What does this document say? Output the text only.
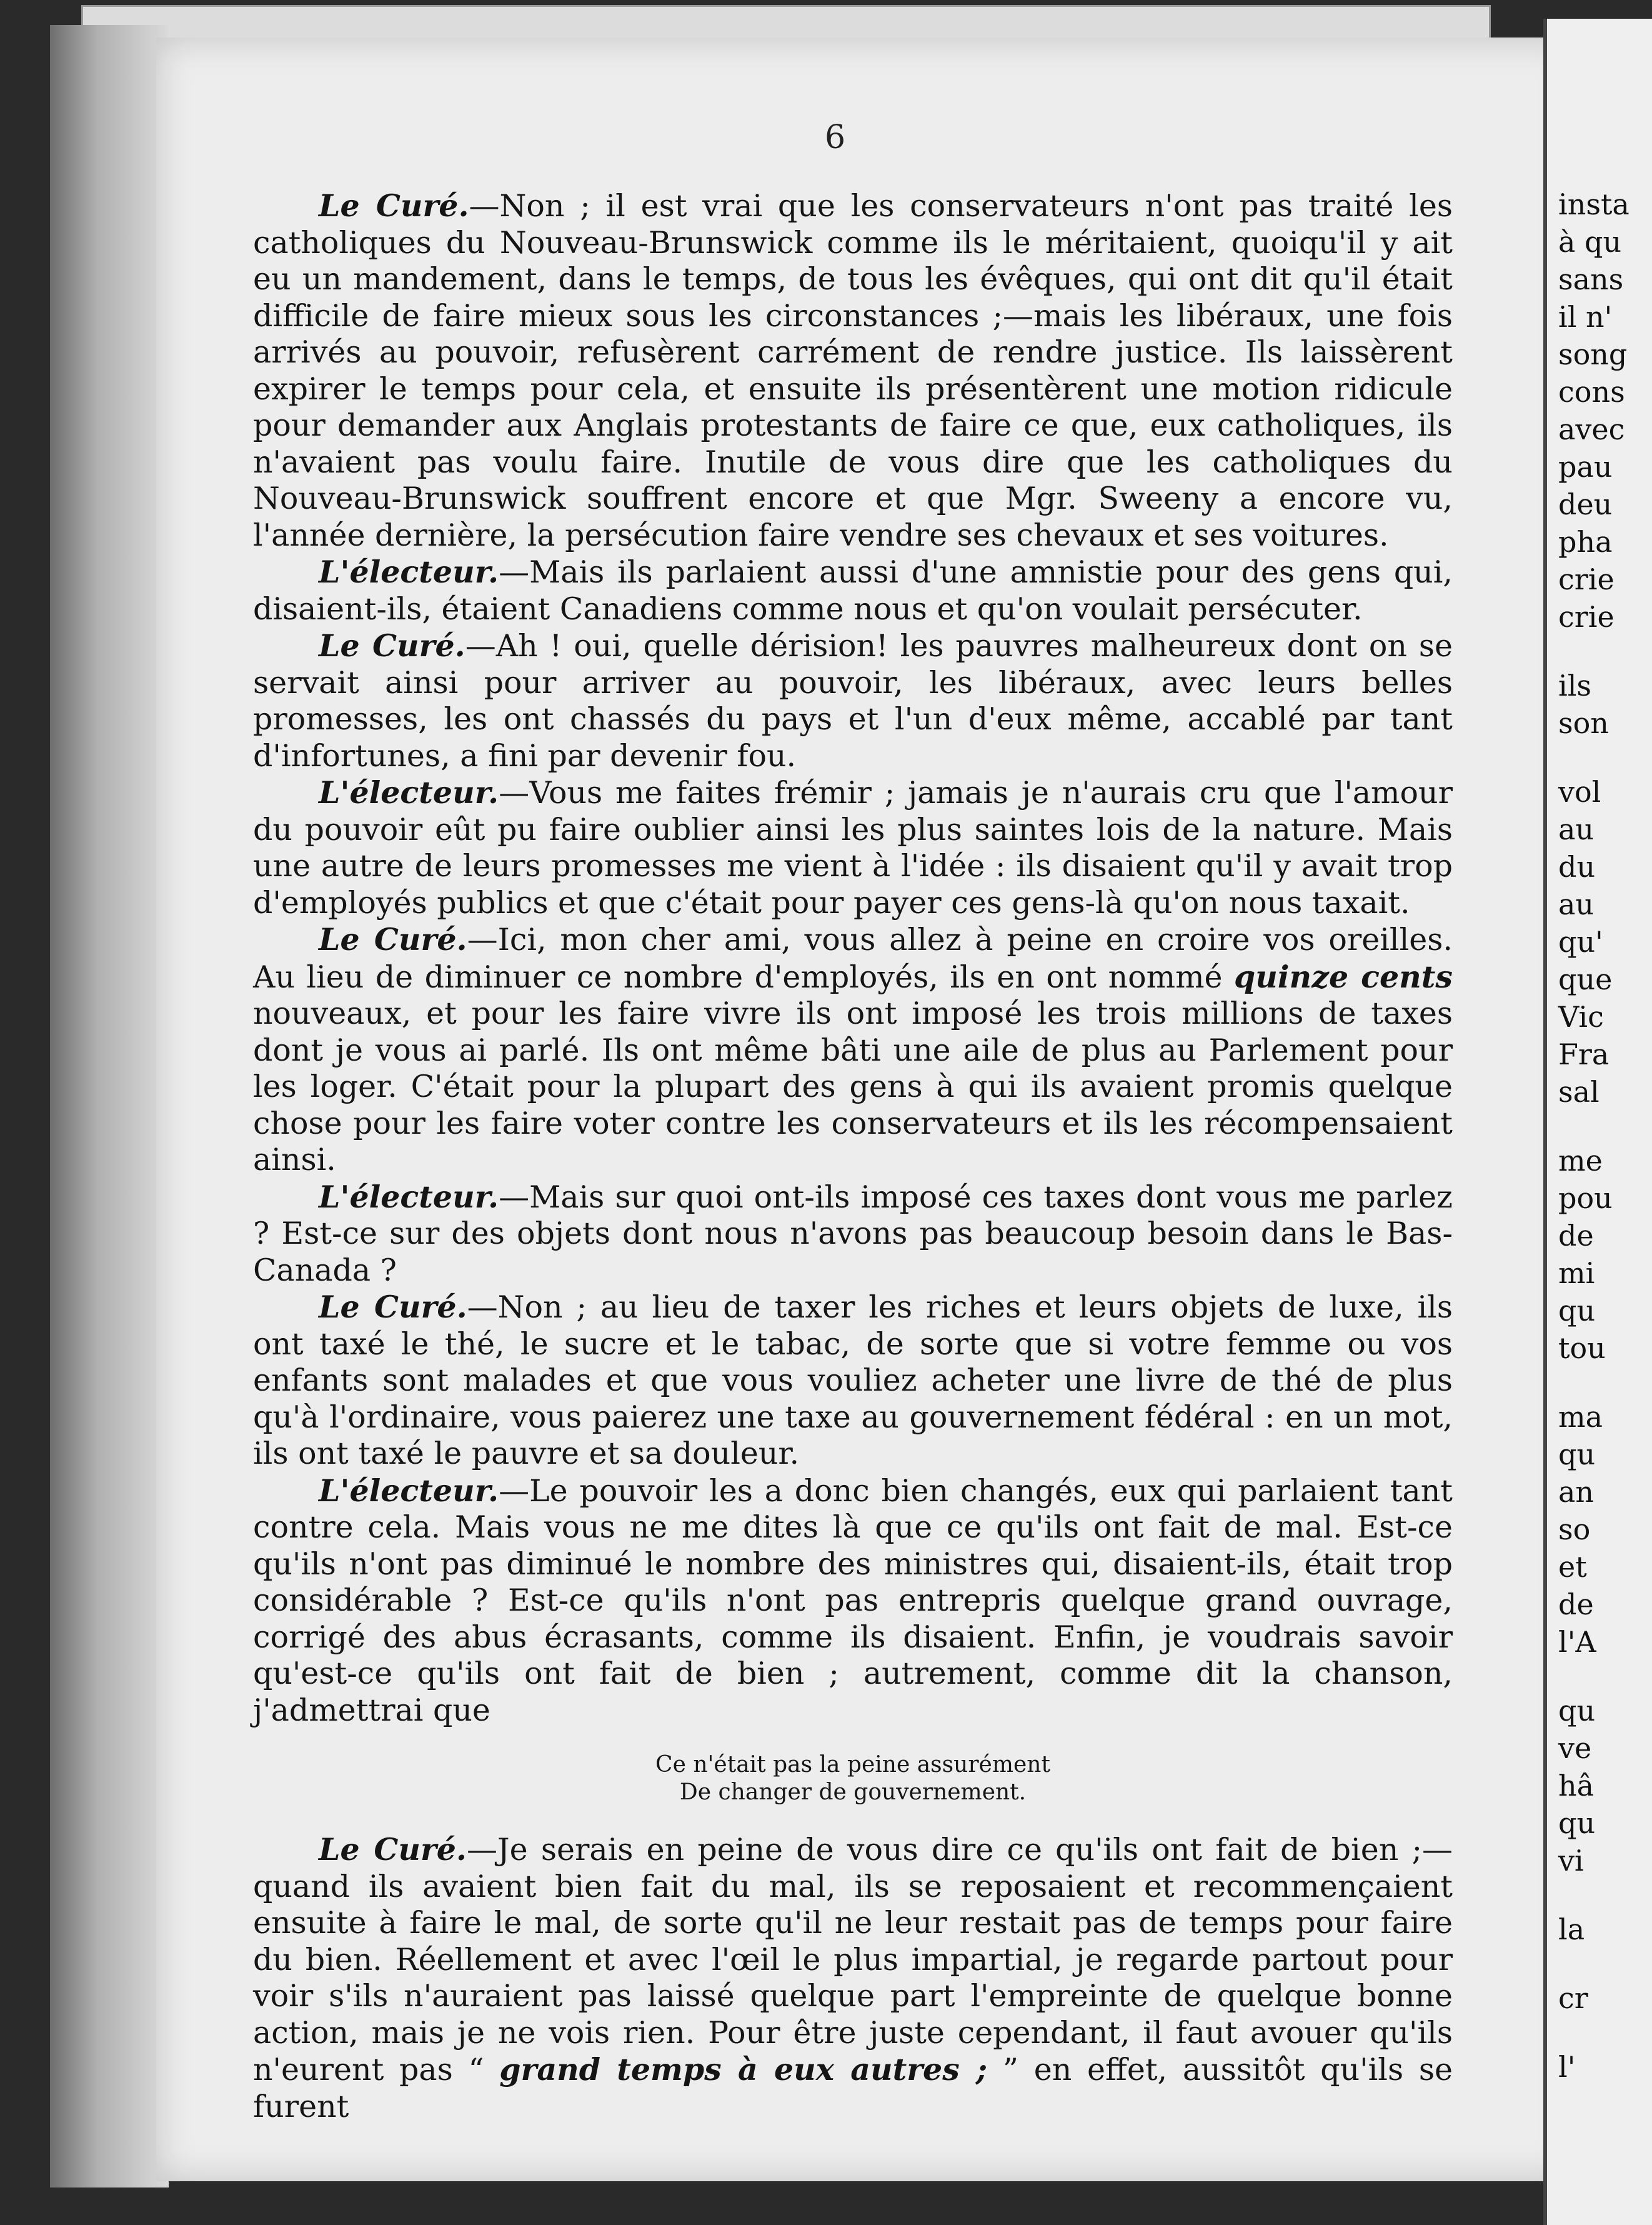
6

Le Curé.—Non ; il est vrai que les conservateurs n'ont pas traité les catholiques du Nouveau-Brunswick comme ils le méritaient, quoiqu'il y ait eu un mandement, dans le temps, de tous les évêques, qui ont dit qu'il était difficile de faire mieux sous les circonstances ;—mais les libéraux, une fois arrivés au pouvoir, refusèrent carrément de rendre justice. Ils laissèrent expirer le temps pour cela, et ensuite ils présentèrent une motion ridicule pour demander aux Anglais protestants de faire ce que, eux catholiques, ils n'avaient pas voulu faire. Inutile de vous dire que les catholiques du Nouveau-Brunswick souffrent encore et que Mgr. Sweeny a encore vu, l'année dernière, la persécution faire vendre ses chevaux et ses voitures.

L'électeur.—Mais ils parlaient aussi d'une amnistie pour des gens qui, disaient-ils, étaient Canadiens comme nous et qu'on voulait persécuter.

Le Curé.—Ah ! oui, quelle dérision! les pauvres malheureux dont on se servait ainsi pour arriver au pouvoir, les libéraux, avec leurs belles promesses, les ont chassés du pays et l'un d'eux même, accablé par tant d'infortunes, a fini par devenir fou.

L'électeur.—Vous me faites frémir ; jamais je n'aurais cru que l'amour du pouvoir eût pu faire oublier ainsi les plus saintes lois de la nature. Mais une autre de leurs promesses me vient à l'idée : ils disaient qu'il y avait trop d'employés publics et que c'était pour payer ces gens-là qu'on nous taxait.

Le Curé.—Ici, mon cher ami, vous allez à peine en croire vos oreilles. Au lieu de diminuer ce nombre d'employés, ils en ont nommé quinze cents nouveaux, et pour les faire vivre ils ont imposé les trois millions de taxes dont je vous ai parlé. Ils ont même bâti une aile de plus au Parlement pour les loger. C'était pour la plupart des gens à qui ils avaient promis quelque chose pour les faire voter contre les conservateurs et ils les récompensaient ainsi.

L'électeur.—Mais sur quoi ont-ils imposé ces taxes dont vous me parlez ? Est-ce sur des objets dont nous n'avons pas beaucoup besoin dans le Bas-Canada ?

Le Curé.—Non ; au lieu de taxer les riches et leurs objets de luxe, ils ont taxé le thé, le sucre et le tabac, de sorte que si votre femme ou vos enfants sont malades et que vous vouliez acheter une livre de thé de plus qu'à l'ordinaire, vous paierez une taxe au gouvernement fédéral : en un mot, ils ont taxé le pauvre et sa douleur.

L'électeur.—Le pouvoir les a donc bien changés, eux qui parlaient tant contre cela. Mais vous ne me dites là que ce qu'ils ont fait de mal. Est-ce qu'ils n'ont pas diminué le nombre des ministres qui, disaient-ils, était trop considérable ? Est-ce qu'ils n'ont pas entrepris quelque grand ouvrage, corrigé des abus écrasants, comme ils disaient. Enfin, je voudrais savoir qu'est-ce qu'ils ont fait de bien ; autrement, comme dit la chanson, j'admettrai que

Ce n'était pas la peine assurément
De changer de gouvernement.

Le Curé.—Je serais en peine de vous dire ce qu'ils ont fait de bien ;—quand ils avaient bien fait du mal, ils se reposaient et recommençaient ensuite à faire le mal, de sorte qu'il ne leur restait pas de temps pour faire du bien. Réellement et avec l'œil le plus impartial, je regarde partout pour voir s'ils n'auraient pas laissé quelque part l'empreinte de quelque bonne action, mais je ne vois rien. Pour être juste cependant, il faut avouer qu'ils n'eurent pas “ grand temps à eux autres ; ” en effet, aussitôt qu'ils se furent

insta
à qu
sans
il n'
song
cons
avec
pau
deu
pha
crie
crie
ils
son
vol
au
du
au
qu'
que
Vic
Fra
sal
me
pou
de
mi
qu
tou
ma
qu
an
so
et
de
l'A
qu
ve
hâ
qu
vi
la
cr
l'
